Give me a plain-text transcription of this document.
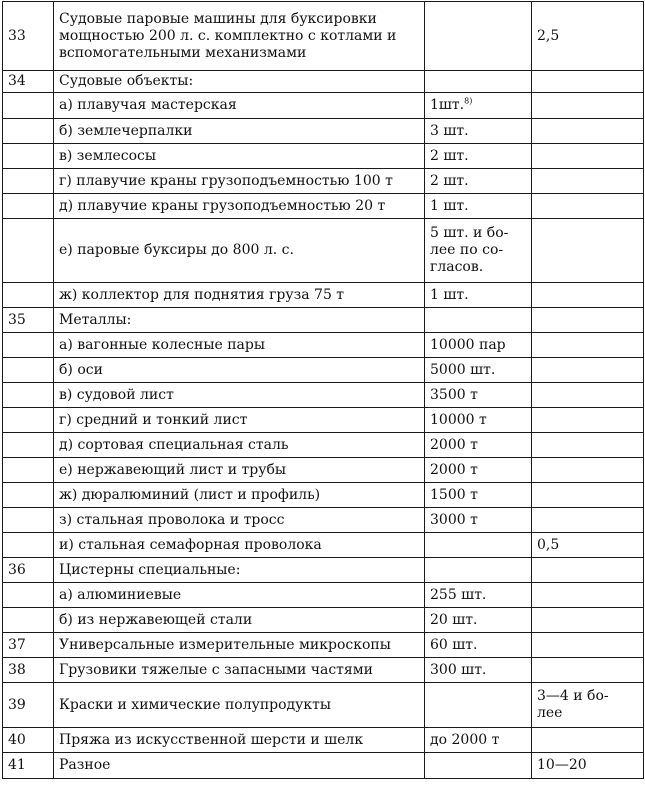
33	Судовые паровые машины для буксировки мощностью 200 л. с. комплектно с котлами и вспомогательными механизмами		2,5
34	Судовые объекты:		
	а) плавучая мастерская	1шт.$^{8)}$	
	б) землечерпалки	3 шт.	
	в) землесосы	2 шт.	
	г) плавучие краны грузоподъемностью 100 т	2 шт.	
	д) плавучие краны грузоподъемностью 20 т	1 шт.	
	е) паровые буксиры до 800 л. с.	5 шт. и бо-
лее по со-
гласов.	
	ж) коллектор для поднятия груза 75 т	1 шт.	
35	Металлы:		
	а) вагонные колесные пары	10000 пар	
	б) оси	5000 шт.	
	в) судовой лист	3500 т	
	г) средний и тонкий лист	10000 т	
	д) сортовая специальная сталь	2000 т	
	е) нержавеющий лист и трубы	2000 т	
	ж) дюралюминий (лист и профиль)	1500 т	
	з) стальная проволока и тросс	3000 т	
	и) стальная семафорная проволока		0,5
36	Цистерны специальные:		
	а) алюминиевые	255 шт.	
	б) из нержавеющей стали	20 шт.	
37	Универсальные измерительные микроскопы	60 шт.	
38	Грузовики тяжелые с запасными частями	300 шт.	
39	Краски и химические полупродукты		3—4 и бо-
лее
40	Пряжа из искусственной шерсти и шелк	до 2000 т	
41	Разное		10—20
